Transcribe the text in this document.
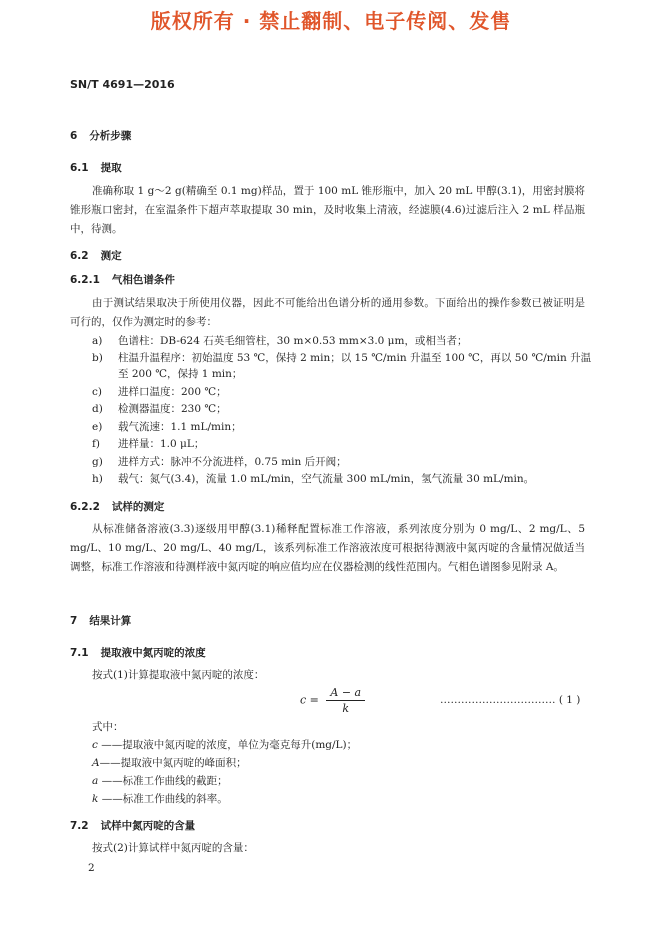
版权所有 · 禁止翻制、电子传阅、发售
SN/T 4691—2016
6 分析步骤
6.1 提取
准确称取 1 g～2 g(精确至 0.1 mg)样品，置于 100 mL 锥形瓶中，加入 20 mL 甲醇(3.1)，用密封膜将锥形瓶口密封，在室温条件下超声萃取提取 30 min，及时收集上清液，经滤膜(4.6)过滤后注入 2 mL 样品瓶中，待测。
6.2 测定
6.2.1 气相色谱条件
由于测试结果取决于所使用仪器，因此不可能给出色谱分析的通用参数。下面给出的操作参数已被证明是可行的，仅作为测定时的参考：
a) 色谱柱：DB-624 石英毛细管柱，30 m×0.53 mm×3.0 μm，或相当者；
b) 柱温升温程序：初始温度 53 ℃，保持 2 min；以 15 ℃/min 升温至 100 ℃，再以 50 ℃/min 升温
至 200 ℃，保持 1 min；
c) 进样口温度：200 ℃；
d) 检测器温度：230 ℃；
e) 载气流速：1.1 mL/min；
f) 进样量：1.0 μL；
g) 进样方式：脉冲不分流进样，0.75 min 后开阀；
h) 载气：氮气(3.4)，流量 1.0 mL/min，空气流量 300 mL/min，氢气流量 30 mL/min。
6.2.2 试样的测定
从标准储备溶液(3.3)逐级用甲醇(3.1)稀释配置标准工作溶液，系列浓度分别为 0 mg/L、2 mg/L、5 mg/L、10 mg/L、20 mg/L、40 mg/L，该系列标准工作溶液浓度可根据待测液中氮丙啶的含量情况做适当调整，标准工作溶液和待测样液中氮丙啶的响应值均应在仪器检测的线性范围内。气相色谱图参见附录 A。
7 结果计算
7.1 提取液中氮丙啶的浓度
按式(1)计算提取液中氮丙啶的浓度：
$c = \frac{A - a}{k}$	…………………………… ( 1 )
式中：
c ——提取液中氮丙啶的浓度，单位为毫克每升(mg/L)；
A——提取液中氮丙啶的峰面积；
a ——标准工作曲线的截距；
k ——标准工作曲线的斜率。
7.2 试样中氮丙啶的含量
按式(2)计算试样中氮丙啶的含量：
2
